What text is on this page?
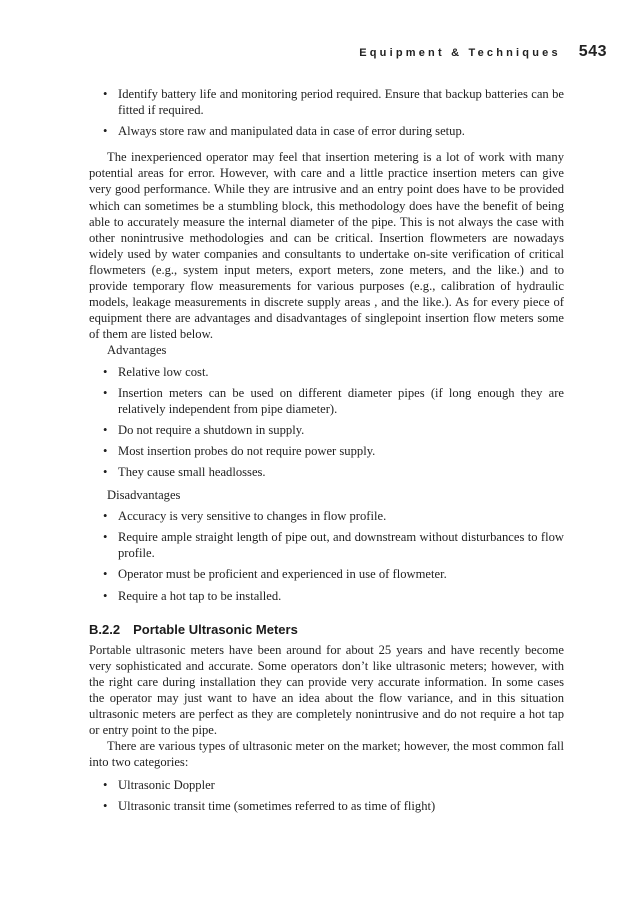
Equipment & Techniques 543
• Identify battery life and monitoring period required. Ensure that backup batteries can be fitted if required.
• Always store raw and manipulated data in case of error during setup.

The inexperienced operator may feel that insertion metering is a lot of work with many potential areas for error. However, with care and a little practice insertion meters can give very good performance. While they are intrusive and an entry point does have to be provided which can sometimes be a stumbling block, this methodology does have the benefit of being able to accurately measure the internal diameter of the pipe. This is not always the case with other nonintrusive methodologies and can be critical. Insertion flowmeters are nowadays widely used by water companies and consultants to undertake on-site verification of critical flowmeters (e.g., system input meters, export meters, zone meters, and the like.) and to provide temporary flow measurements for various purposes (e.g., calibration of hydraulic models, leakage measurements in discrete supply areas , and the like.). As for every piece of equipment there are advantages and disadvantages of singlepoint insertion flow meters some of them are listed below.

Advantages

• Relative low cost.
• Insertion meters can be used on different diameter pipes (if long enough they are relatively independent from pipe diameter).
• Do not require a shutdown in supply.
• Most insertion probes do not require power supply.
• They cause small headlosses.

Disadvantages

• Accuracy is very sensitive to changes in flow profile.
• Require ample straight length of pipe out, and downstream without disturbances to flow profile.
• Operator must be proficient and experienced in use of flowmeter.
• Require a hot tap to be installed.
B.2.2 Portable Ultrasonic Meters

Portable ultrasonic meters have been around for about 25 years and have recently become very sophisticated and accurate. Some operators don’t like ultrasonic meters; however, with the right care during installation they can provide very accurate information. In some cases the operator may just want to have an idea about the flow variance, and in this situation ultrasonic meters are perfect as they are completely nonintrusive and do not require a hot tap or entry point to the pipe.

There are various types of ultrasonic meter on the market; however, the most common fall into two categories:

• Ultrasonic Doppler
• Ultrasonic transit time (sometimes referred to as time of flight)
